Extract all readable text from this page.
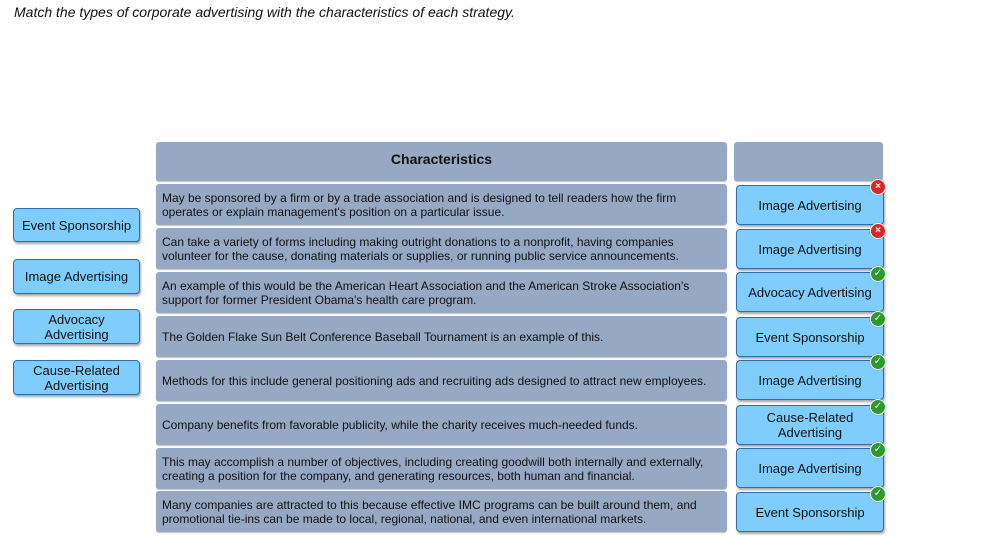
Match the types of corporate advertising with the characteristics of each strategy.
Event Sponsorship
Image Advertising
Advocacy Advertising
Cause-Related Advertising
Characteristics
May be sponsored by a firm or by a trade association and is designed to tell readers how the firm operates or explain management's position on a particular issue.	Image Advertising
×
Can take a variety of forms including making outright donations to a nonprofit, having companies volunteer for the cause, donating materials or supplies, or running public service announcements.	Image Advertising
×
An example of this would be the American Heart Association and the American Stroke Association's support for former President Obama's health care program.	Advocacy Advertising
✓
The Golden Flake Sun Belt Conference Baseball Tournament is an example of this.	Event Sponsorship
✓
Methods for this include general positioning ads and recruiting ads designed to attract new employees.	Image Advertising
✓
Company benefits from favorable publicity, while the charity receives much-needed funds.	Cause-Related Advertising
✓
This may accomplish a number of objectives, including creating goodwill both internally and externally, creating a position for the company, and generating resources, both human and financial.	Image Advertising
✓
Many companies are attracted to this because effective IMC programs can be built around them, and promotional tie-ins can be made to local, regional, national, and even international markets.	Event Sponsorship
✓
